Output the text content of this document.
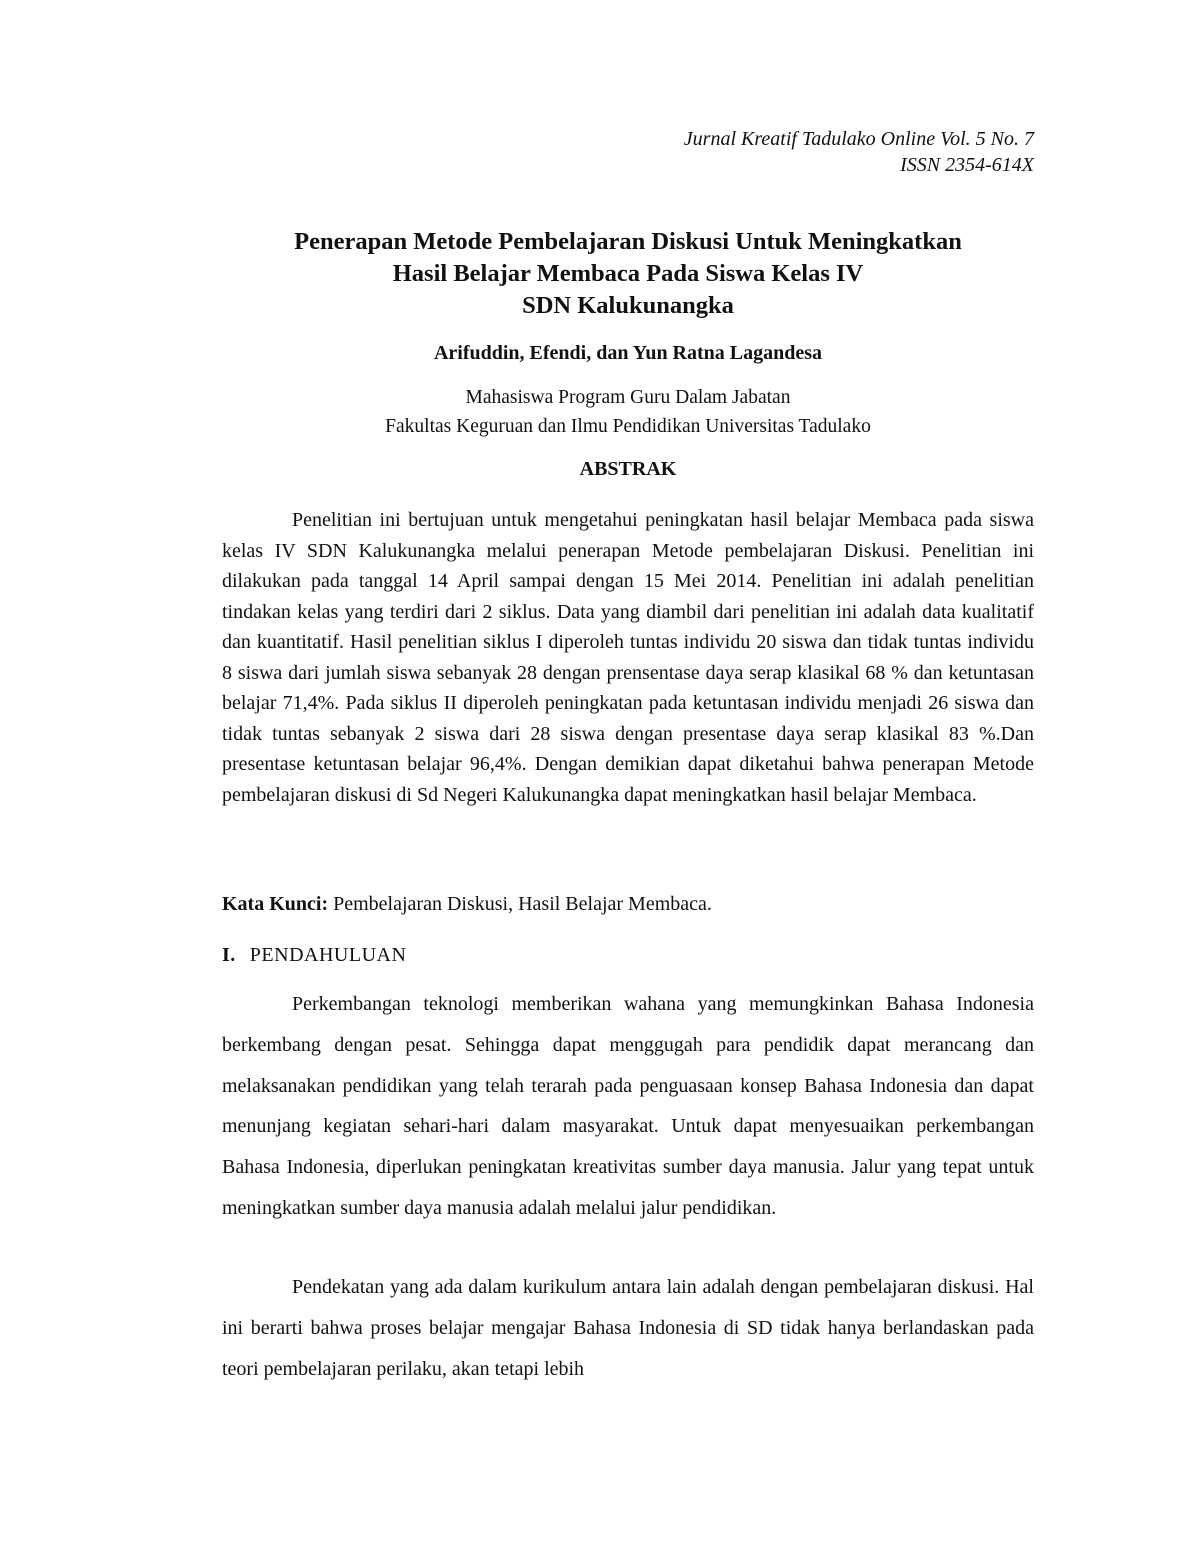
Jurnal Kreatif Tadulako Online Vol. 5 No. 7
ISSN 2354-614X
Penerapan Metode Pembelajaran Diskusi Untuk Meningkatkan
Hasil Belajar Membaca Pada Siswa Kelas IV
SDN Kalukunangka
Arifuddin, Efendi, dan Yun Ratna Lagandesa
Mahasiswa Program Guru Dalam Jabatan
Fakultas Keguruan dan Ilmu Pendidikan Universitas Tadulako
ABSTRAK

Penelitian ini bertujuan untuk mengetahui peningkatan hasil belajar Membaca pada siswa kelas IV SDN Kalukunangka melalui penerapan Metode pembelajaran Diskusi. Penelitian ini dilakukan pada tanggal 14 April sampai dengan 15 Mei 2014. Penelitian ini adalah penelitian tindakan kelas yang terdiri dari 2 siklus. Data yang diambil dari penelitian ini adalah data kualitatif dan kuantitatif. Hasil penelitian siklus I diperoleh tuntas individu 20 siswa dan tidak tuntas individu 8 siswa dari jumlah siswa sebanyak 28 dengan prensentase daya serap klasikal 68 % dan ketuntasan belajar 71,4%. Pada siklus II diperoleh peningkatan pada ketuntasan individu menjadi 26 siswa dan tidak tuntas sebanyak 2 siswa dari 28 siswa dengan presentase daya serap klasikal 83 %.Dan presentase ketuntasan belajar 96,4%. Dengan demikian dapat diketahui bahwa penerapan Metode pembelajaran diskusi di Sd Negeri Kalukunangka dapat meningkatkan hasil belajar Membaca.

Kata Kunci: Pembelajaran Diskusi, Hasil Belajar Membaca.
I. PENDAHULUAN

Perkembangan teknologi memberikan wahana yang memungkinkan Bahasa Indonesia berkembang dengan pesat. Sehingga dapat menggugah para pendidik dapat merancang dan melaksanakan pendidikan yang telah terarah pada penguasaan konsep Bahasa Indonesia dan dapat menunjang kegiatan sehari-hari dalam masyarakat. Untuk dapat menyesuaikan perkembangan Bahasa Indonesia, diperlukan peningkatan kreativitas sumber daya manusia. Jalur yang tepat untuk meningkatkan sumber daya manusia adalah melalui jalur pendidikan.

Pendekatan yang ada dalam kurikulum antara lain adalah dengan pembelajaran diskusi. Hal ini berarti bahwa proses belajar mengajar Bahasa Indonesia di SD tidak hanya berlandaskan pada teori pembelajaran perilaku, akan tetapi lebih
